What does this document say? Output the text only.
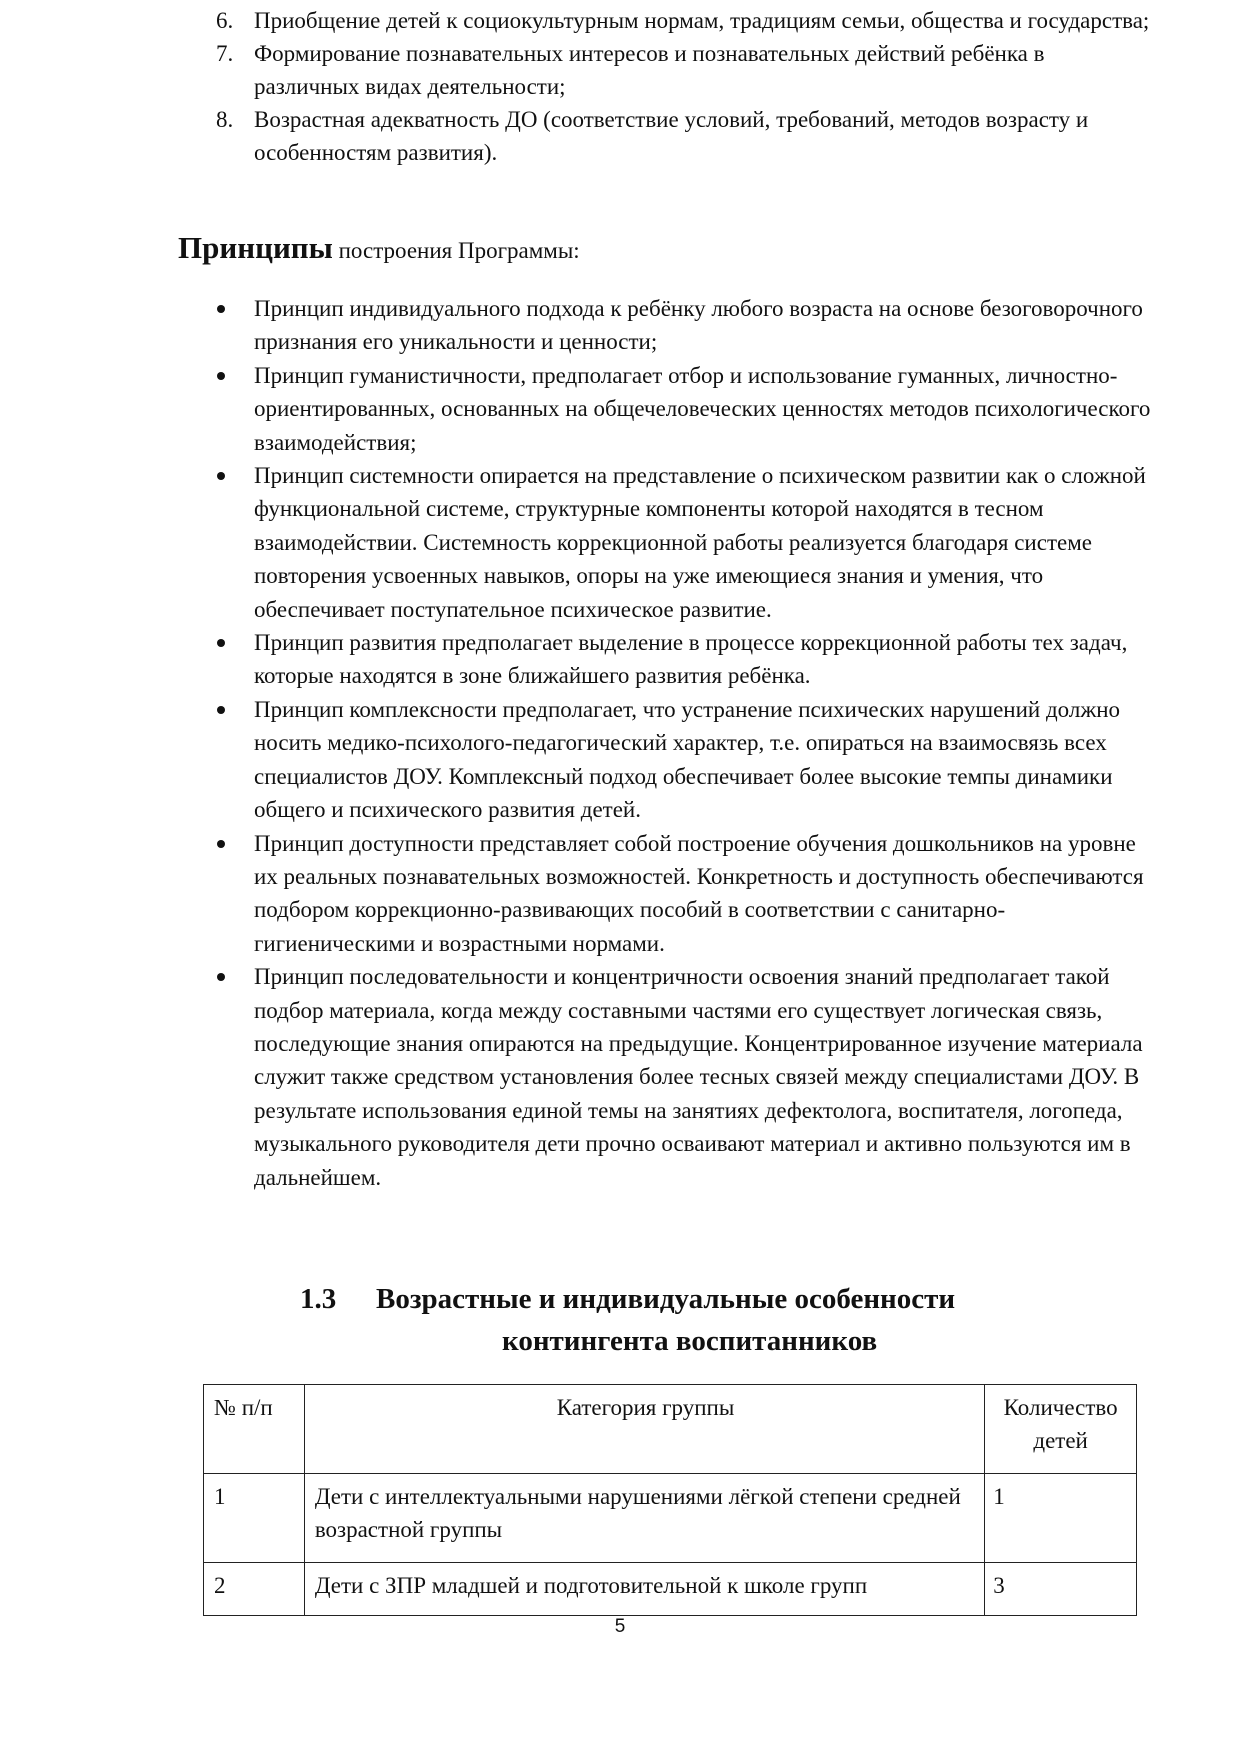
6. Приобщение детей к социокультурным нормам, традициям семьи, общества и государства;
7. Формирование познавательных интересов и познавательных действий ребёнка в различных видах деятельности;
8. Возрастная адекватность ДО (соответствие условий, требований, методов возрасту и особенностям развития).

Принципы построения Программы:

Принцип индивидуального подхода к ребёнку любого возраста на основе безоговорочного признания его уникальности и ценности;
Принцип гуманистичности, предполагает отбор и использование гуманных, личностно-ориентированных, основанных на общечеловеческих ценностях методов психологического взаимодействия;
Принцип системности опирается на представление о психическом развитии как о сложной функциональной системе, структурные компоненты которой находятся в тесном взаимодействии. Системность коррекционной работы реализуется благодаря системе повторения усвоенных навыков, опоры на уже имеющиеся знания и умения, что обеспечивает поступательное психическое развитие.
Принцип развития предполагает выделение в процессе коррекционной работы тех задач, которые находятся в зоне ближайшего развития ребёнка.
Принцип комплексности предполагает, что устранение психических нарушений должно носить медико-психолого-педагогический характер, т.е. опираться на взаимосвязь всех специалистов ДОУ. Комплексный подход обеспечивает более высокие темпы динамики общего и психического развития детей.
Принцип доступности представляет собой построение обучения дошкольников на уровне их реальных познавательных возможностей. Конкретность и доступность обеспечиваются подбором коррекционно-развивающих пособий в соответствии с санитарно-гигиеническими и возрастными нормами.
Принцип последовательности и концентричности освоения знаний предполагает такой подбор материала, когда между составными частями его существует логическая связь, последующие знания опираются на предыдущие. Концентрированное изучение материала служит также средством установления более тесных связей между специалистами ДОУ. В результате использования единой темы на занятиях дефектолога, воспитателя, логопеда, музыкального руководителя дети прочно осваивают материал и активно пользуются им в дальнейшем.
1.3 Возрастные и индивидуальные особенности
контингента воспитанников
№ п/п	Категория группы	Количество детей
1	Дети с интеллектуальными нарушениями лёгкой степени средней возрастной группы	1
2	Дети с ЗПР младшей и подготовительной к школе групп	3
5
